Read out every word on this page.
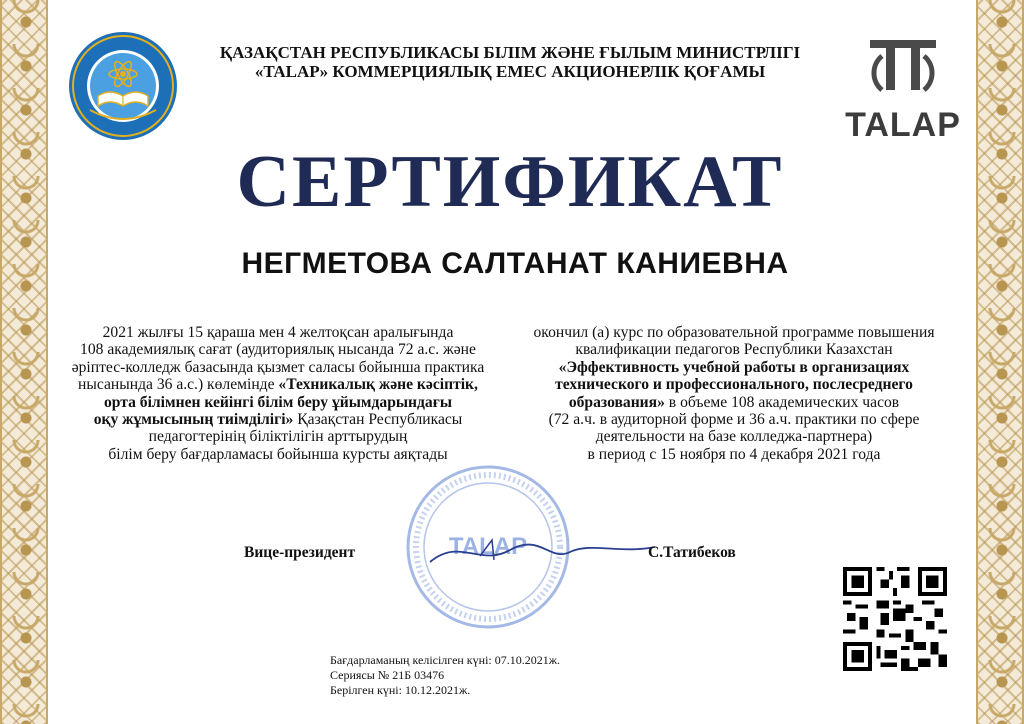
TALAP
ҚАЗАҚСТАН РЕСПУБЛИКАСЫ БІЛІМ ЖӘНЕ ҒЫЛЫМ МИНИСТРЛІГІ
«TALAP» КОММЕРЦИЯЛЫҚ ЕМЕС АКЦИОНЕРЛІК ҚОҒАМЫ
СЕРТИФИКАТ
НЕГМЕТОВА САЛТАНАТ КАНИЕВНА
2021 жылғы 15 қараша мен 4 желтоқсан аралығында
108 академиялық сағат (аудиториялық нысанда 72 а.с. және
әріптес-колледж базасында қызмет саласы бойынша практика
нысанында 36 а.с.) көлемінде «Техникалық және кәсіптік,
орта білімнен кейінгі білім беру ұйымдарындағы
оқу жұмысының тиімділігі» Қазақстан Республикасы
педагогтерінің біліктілігін арттырудың
білім беру бағдарламасы бойынша курсты аяқтады
окончил (а) курс по образовательной программе повышения
квалификации педагогов Республики Казахстан
«Эффективность учебной работы в организациях
технического и профессионального, послесреднего
образования» в объеме 108 академических часов
(72 а.ч. в аудиторной форме и 36 а.ч. практики по сфере
деятельности на базе колледжа-партнера)
в период с 15 ноября по 4 декабря 2021 года
TALAP
Вице-президент	С.Татибеков
Бағдарламаның келісілген күні: 07.10.2021ж.
Сериясы № 21Б 03476
Берілген күні: 10.12.2021ж.
